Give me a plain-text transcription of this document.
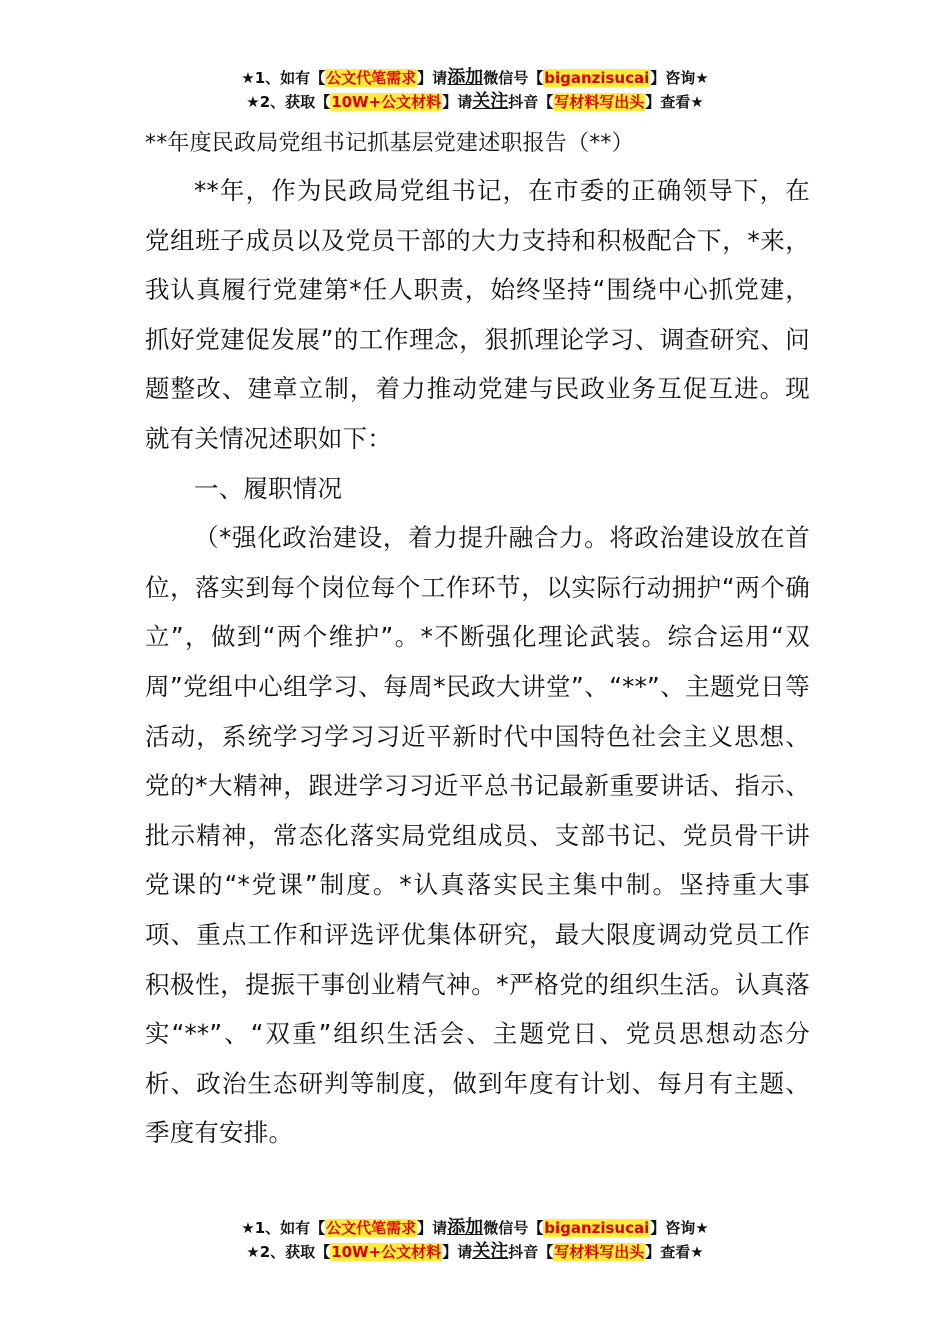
★1、如有【公文代笔需求】请添加微信号【biganzisucai】咨询★
★2、获取【10W+公文材料】请关注抖音【写材料写出头】查看★

**年度民政局党组书记抓基层党建述职报告（**）

**年，作为民政局党组书记，在市委的正确领导下，在党组班子成员以及党员干部的大力支持和积极配合下，*来，我认真履行党建第*任人职责，始终坚持“围绕中心抓党建，抓好党建促发展”的工作理念，狠抓理论学习、调查研究、问题整改、建章立制，着力推动党建与民政业务互促互进。现就有关情况述职如下：

一、履职情况

（*强化政治建设，着力提升融合力。将政治建设放在首位，落实到每个岗位每个工作环节，以实际行动拥护“两个确立”，做到“两个维护”。*不断强化理论武装。综合运用“双周”党组中心组学习、每周*民政大讲堂”、“**”、主题党日等活动，系统学习学习习近平新时代中国特色社会主义思想、党的*大精神，跟进学习习近平总书记最新重要讲话、指示、批示精神，常态化落实局党组成员、支部书记、党员骨干讲党课的“*党课”制度。*认真落实民主集中制。坚持重大事项、重点工作和评选评优集体研究，最大限度调动党员工作积极性，提振干事创业精气神。*严格党的组织生活。认真落实“**”、“双重”组织生活会、主题党日、党员思想动态分析、政治生态研判等制度，做到年度有计划、每月有主题、季度有安排。

★1、如有【公文代笔需求】请添加微信号【biganzisucai】咨询★
★2、获取【10W+公文材料】请关注抖音【写材料写出头】查看★
